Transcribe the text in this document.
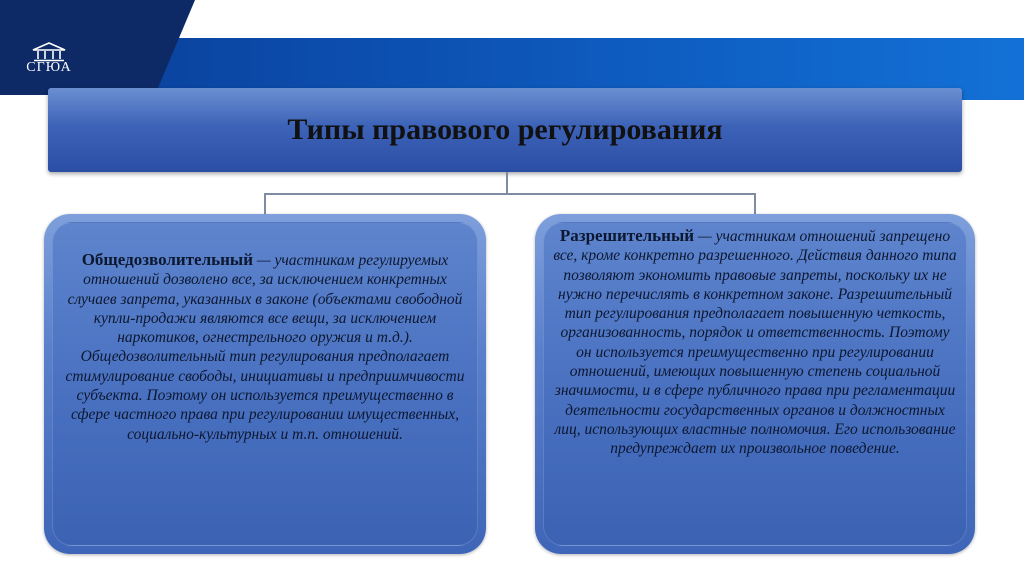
СГЮА
Типы правового регулирования
Общедозволительный — участникам регулируемых отношений дозволено все, за исключением конкретных случаев запрета, указанных в законе (объектами свободной купли-продажи являются все вещи, за исключением наркотиков, огнестрельного оружия и т.д.). Общедозволительный тип регулирования предполагает стимулирование свободы, инициативы и предприимчивости субъекта. Поэтому он используется преимущественно в сфере частного права при регулировании имущественных, социально-культурных и т.п. отношений.
Разрешительный — участникам отношений запрещено все, кроме конкретно разрешенного. Действия данного типа позволяют экономить правовые запреты, поскольку их не нужно перечислять в конкретном законе. Разрешительный тип регулирования предполагает повышенную четкость, организованность, порядок и ответственность. Поэтому он используется преимущественно при регулировании отношений, имеющих повышенную степень социальной значимости, и в сфере публичного права при регламентации деятельности государственных органов и должностных лиц, использующих властные полномочия. Его использование предупреждает их произвольное поведение.
